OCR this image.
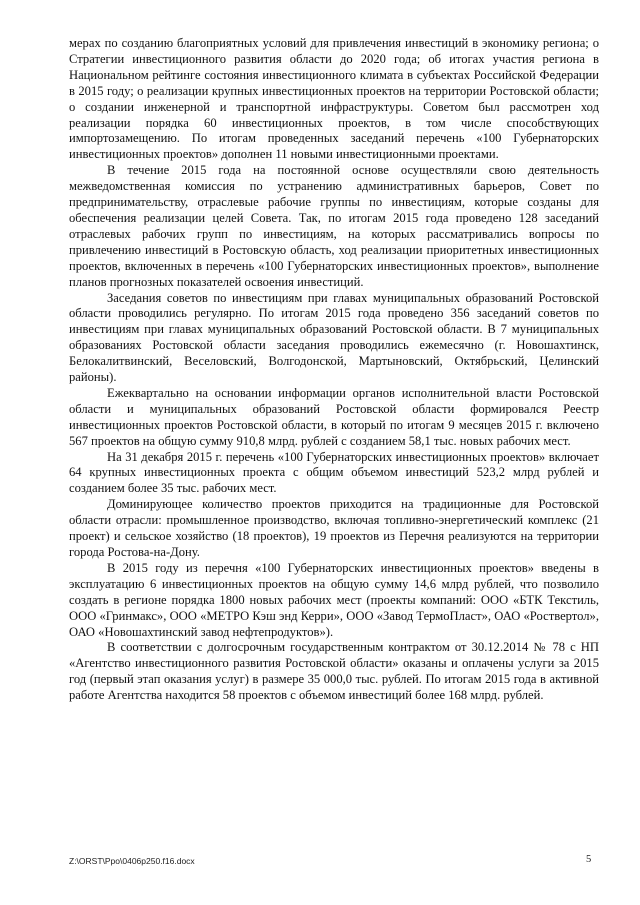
мерах по созданию благоприятных условий для привлечения инвестиций в экономику региона; о Стратегии инвестиционного развития области до 2020 года; об итогах участия региона в Национальном рейтинге состояния инвестиционного климата в субъектах Российской Федерации в 2015 году; о реализации крупных инвестиционных проектов на территории Ростовской области; о создании инженерной и транспортной инфраструктуры. Советом был рассмотрен ход реализации порядка 60 инвестиционных проектов, в том числе способствующих импортозамещению. По итогам проведенных заседаний перечень «100 Губернаторских инвестиционных проектов» дополнен 11 новыми инвестиционными проектами.

В течение 2015 года на постоянной основе осуществляли свою деятельность межведомственная комиссия по устранению административных барьеров, Совет по предпринимательству, отраслевые рабочие группы по инвестициям, которые созданы для обеспечения реализации целей Совета. Так, по итогам 2015 года проведено 128 заседаний отраслевых рабочих групп по инвестициям, на которых рассматривались вопросы по привлечению инвестиций в Ростовскую область, ход реализации приоритетных инвестиционных проектов, включенных в перечень «100 Губернаторских инвестиционных проектов», выполнение планов прогнозных показателей освоения инвестиций.

Заседания советов по инвестициям при главах муниципальных образований Ростовской области проводились регулярно. По итогам 2015 года проведено 356 заседаний советов по инвестициям при главах муниципальных образований Ростовской области. В 7 муниципальных образованиях Ростовской области заседания проводились ежемесячно (г. Новошахтинск, Белокалитвинский, Веселовский, Волгодонской, Мартыновский, Октябрьский, Целинский районы).

Ежеквартально на основании информации органов исполнительной власти Ростовской области и муниципальных образований Ростовской области формировался Реестр инвестиционных проектов Ростовской области, в который по итогам 9 месяцев 2015 г. включено 567 проектов на общую сумму 910,8 млрд. рублей с созданием 58,1 тыс. новых рабочих мест.

На 31 декабря 2015 г. перечень «100 Губернаторских инвестиционных проектов» включает 64 крупных инвестиционных проекта с общим объемом инвестиций 523,2 млрд рублей и созданием более 35 тыс. рабочих мест.

Доминирующее количество проектов приходится на традиционные для Ростовской области отрасли: промышленное производство, включая топливно-энергетический комплекс (21 проект) и сельское хозяйство (18 проектов), 19 проектов из Перечня реализуются на территории города Ростова-на-Дону.

В 2015 году из перечня «100 Губернаторских инвестиционных проектов» введены в эксплуатацию 6 инвестиционных проектов на общую сумму 14,6 млрд рублей, что позволило создать в регионе порядка 1800 новых рабочих мест (проекты компаний: ООО «БТК Текстиль, ООО «Гринмакс», ООО «МЕТРО Кэш энд Керри», ООО «Завод ТермоПласт», ОАО «Роствертол», ОАО «Новошахтинский завод нефтепродуктов»).

В соответствии с долгосрочным государственным контрактом от 30.12.2014 № 78 с НП «Агентство инвестиционного развития Ростовской области» оказаны и оплачены услуги за 2015 год (первый этап оказания услуг) в размере 35 000,0 тыс. рублей. По итогам 2015 года в активной работе Агентства находится 58 проектов с объемом инвестиций более 168 млрд. рублей.

Z:\ORST\Ppo\0406p250.f16.docx	5
